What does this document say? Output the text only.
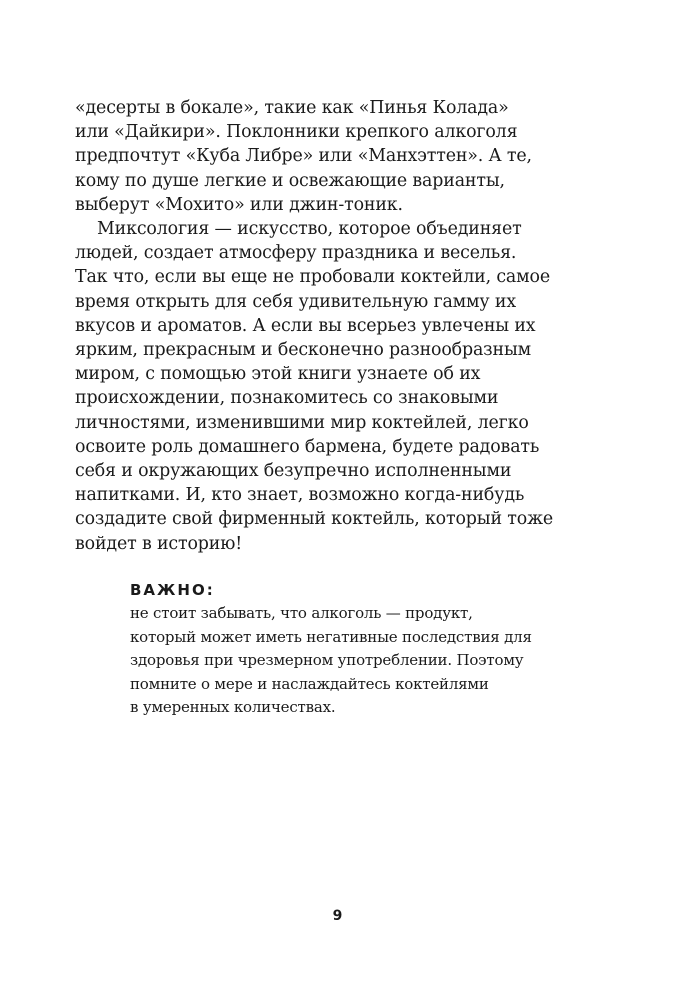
«десерты в бокале», такие как «Пинья Колада»
или «Дайкири». Поклонники крепкого алкоголя
предпочтут «Куба Либре» или «Манхэттен». А те,
кому по душе легкие и освежающие варианты,
выберут «Мохито» или джин-тоник.
Миксология — искусство, которое объединяет
людей, создает атмосферу праздника и веселья.
Так что, если вы еще не пробовали коктейли, самое
время открыть для себя удивительную гамму их
вкусов и ароматов. А если вы всерьез увлечены их
ярким, прекрасным и бесконечно разнообразным
миром, с помощью этой книги узнаете об их
происхождении, познакомитесь со знаковыми
личностями, изменившими мир коктейлей, легко
освоите роль домашнего бармена, будете радовать
себя и окружающих безупречно исполненными
напитками. И, кто знает, возможно когда-нибудь
создадите свой фирменный коктейль, который тоже
войдет в историю!
ВАЖНО:
не стоит забывать, что алкоголь — продукт,
который может иметь негативные последствия для
здоровья при чрезмерном употреблении. Поэтому
помните о мере и наслаждайтесь коктейлями
в умеренных количествах.
9
